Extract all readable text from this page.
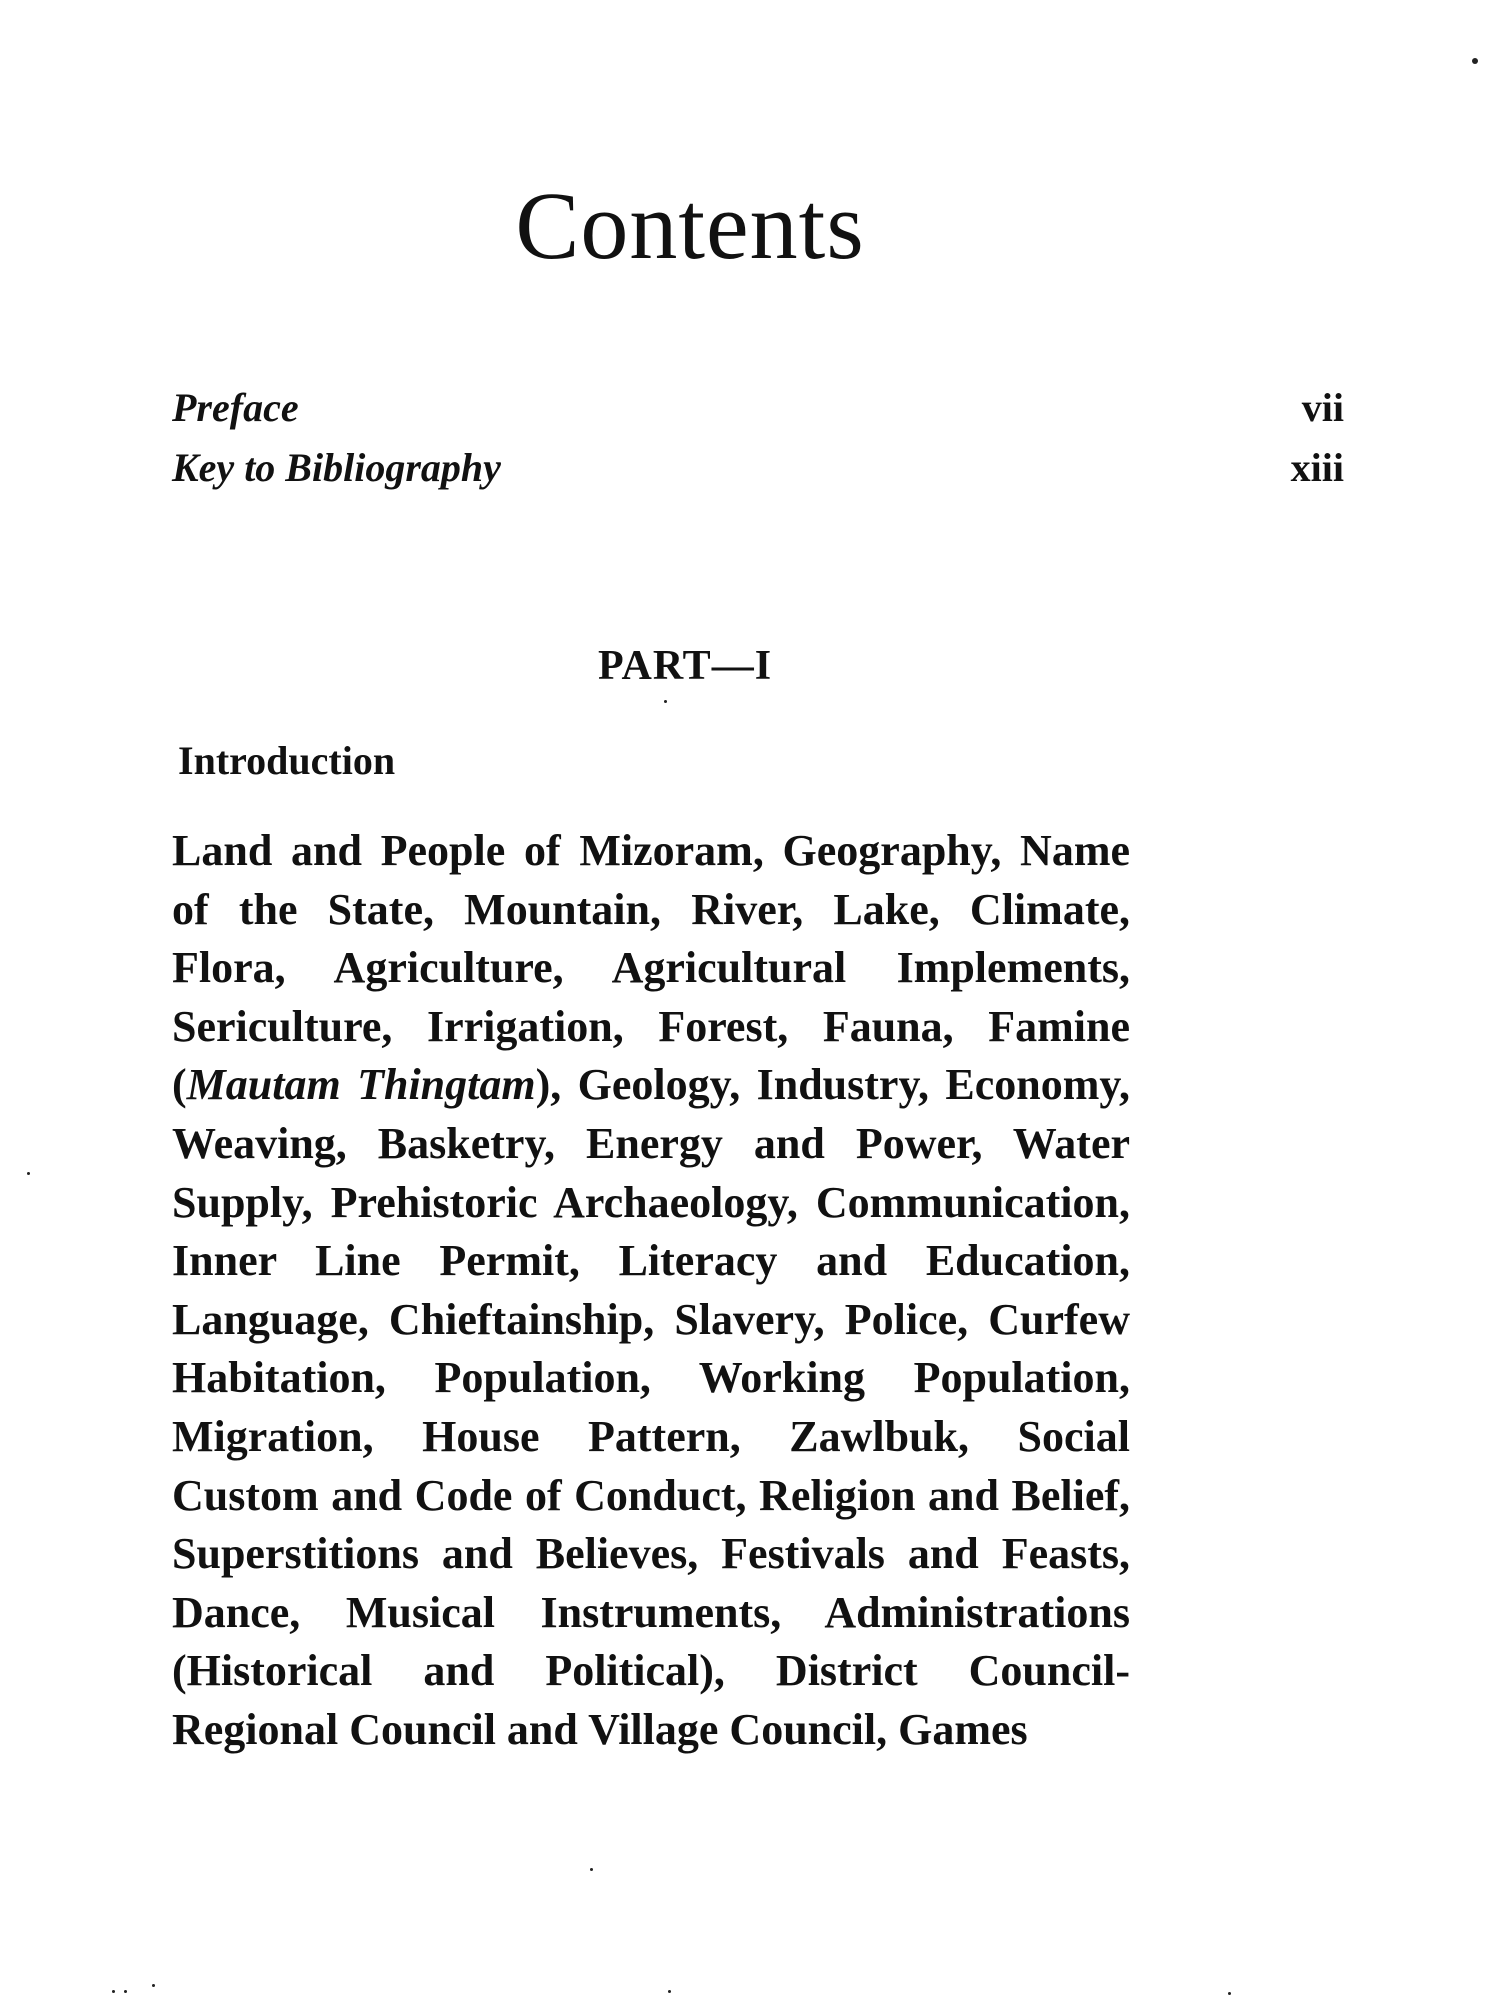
Contents
Preface	vii
Key to Bibliography	xiii
PART—I
Introduction

Land and People of Mizoram, Geography, Name of the State, Mountain, River, Lake, Climate, Flora, Agriculture, Agricultural Implements, Sericulture, Irrigation, Forest, Fauna, Famine (Mautam Thingtam), Geology, Industry, Economy, Weaving, Basketry, Energy and Power, Water Supply, Prehistoric Archaeology, Communication, Inner Line Permit, Literacy and Education, Language, Chieftainship, Slavery, Police, Curfew Habitation, Population, Working Population, Migration, House Pattern, Zawlbuk, Social Custom and Code of Conduct, Religion and Belief, Superstitions and Believes, Festivals and Feasts, Dance, Musical Instruments, Administrations (Historical and Political), District Council-Regional Council and Village Council, Games
